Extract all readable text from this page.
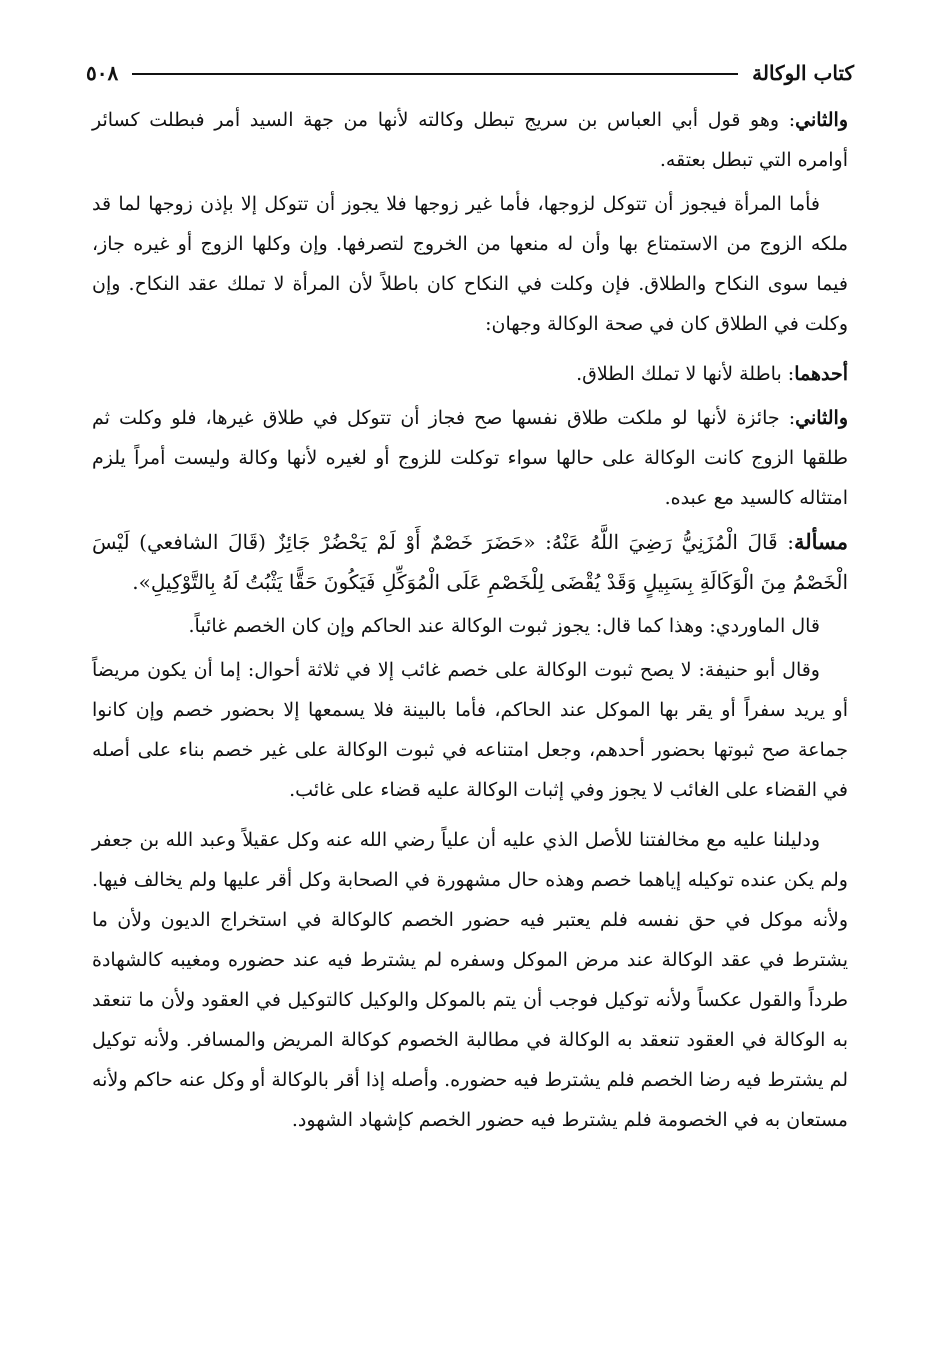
كتاب الوكالة
٥٠٨

والثاني: وهو قول أبي العباس بن سريج تبطل وكالته لأنها من جهة السيد أمر فبطلت كسائر أوامره التي تبطل بعتقه.

فأما المرأة فيجوز أن تتوكل لزوجها، فأما غير زوجها فلا يجوز أن تتوكل إلا بإذن زوجها لما قد ملكه الزوج من الاستمتاع بها وأن له منعها من الخروج لتصرفها. وإن وكلها الزوج أو غيره جاز، فيما سوى النكاح والطلاق. فإن وكلت في النكاح كان باطلاً لأن المرأة لا تملك عقد النكاح. وإن وكلت في الطلاق كان في صحة الوكالة وجهان:

أحدهما: باطلة لأنها لا تملك الطلاق.

والثاني: جائزة لأنها لو ملكت طلاق نفسها صح فجاز أن تتوكل في طلاق غيرها، فلو وكلت ثم طلقها الزوج كانت الوكالة على حالها سواء توكلت للزوج أو لغيره لأنها وكالة وليست أمراً يلزم امتثاله كالسيد مع عبده.

مسألة: قَالَ الْمُزَنِيُّ رَضِيَ اللَّهُ عَنْهُ: «حَضَرَ خَصْمٌ أَوْ لَمْ يَحْضُرْ جَائِزٌ (قَالَ الشافعي) لَيْسَ الْخَصْمُ مِنَ الْوَكَالَةِ بِسَبِيلٍ وَقَدْ يُقْضَى لِلْخَصْمِ عَلَى الْمُوَكِّلِ فَيَكُونَ حَقًّا يَثْبُتُ لَهُ بِالتَّوْكِيلِ».

قال الماوردي: وهذا كما قال: يجوز ثبوت الوكالة عند الحاكم وإن كان الخصم غائباً.

وقال أبو حنيفة: لا يصح ثبوت الوكالة على خصم غائب إلا في ثلاثة أحوال: إما أن يكون مريضاً أو يريد سفراً أو يقر بها الموكل عند الحاكم، فأما بالبينة فلا يسمعها إلا بحضور خصم وإن كانوا جماعة صح ثبوتها بحضور أحدهم، وجعل امتناعه في ثبوت الوكالة على غير خصم بناء على أصله في القضاء على الغائب لا يجوز وفي إثبات الوكالة عليه قضاء على غائب.

ودليلنا عليه مع مخالفتنا للأصل الذي عليه أن علياً رضي الله عنه وكل عقيلاً وعبد الله بن جعفر ولم يكن عنده توكيله إياهما خصم وهذه حال مشهورة في الصحابة وكل أقر عليها ولم يخالف فيها. ولأنه موكل في حق نفسه فلم يعتبر فيه حضور الخصم كالوكالة في استخراج الديون ولأن ما يشترط في عقد الوكالة عند مرض الموكل وسفره لم يشترط فيه عند حضوره ومغيبه كالشهادة طرداً والقول عكساً ولأنه توكيل فوجب أن يتم بالموكل والوكيل كالتوكيل في العقود ولأن ما تنعقد به الوكالة في العقود تنعقد به الوكالة في مطالبة الخصوم كوكالة المريض والمسافر. ولأنه توكيل لم يشترط فيه رضا الخصم فلم يشترط فيه حضوره. وأصله إذا أقر بالوكالة أو وكل عنه حاكم ولأنه مستعان به في الخصومة فلم يشترط فيه حضور الخصم كإشهاد الشهود.
